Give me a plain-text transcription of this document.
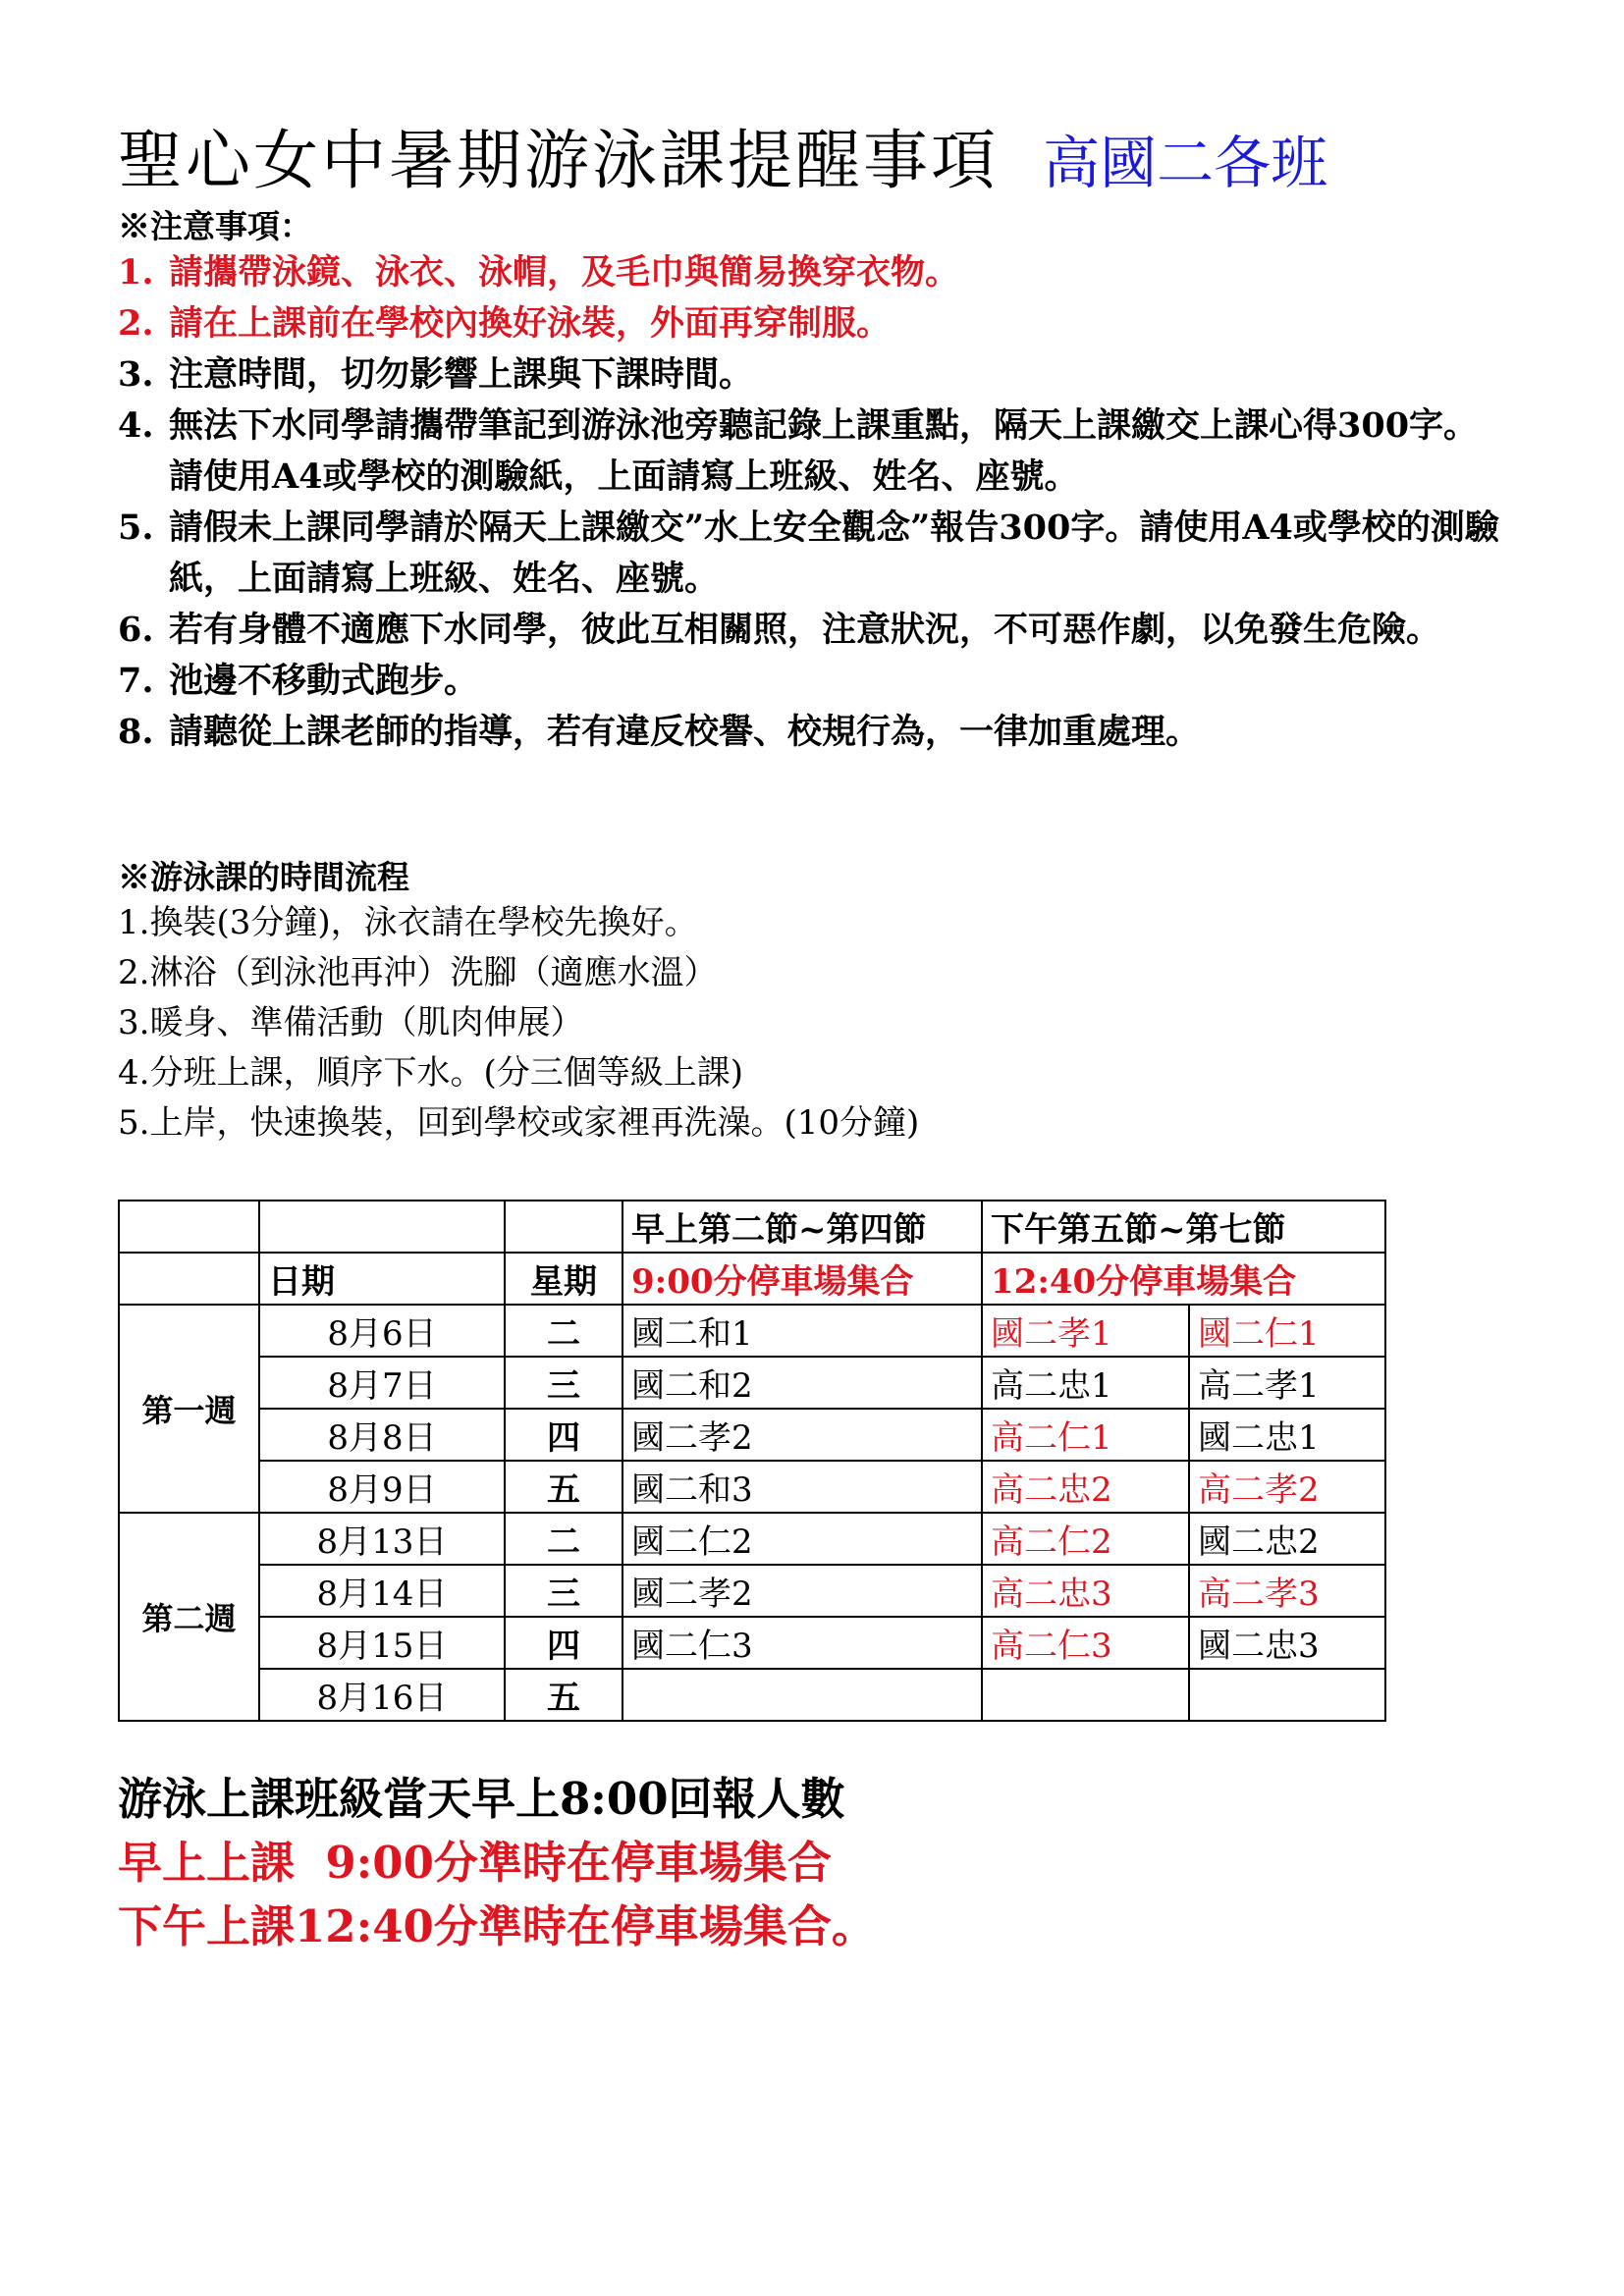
聖心女中暑期游泳課提醒事項 高國二各班
※注意事項：
1. 請攜帶泳鏡、泳衣、泳帽，及毛巾與簡易換穿衣物。
2. 請在上課前在學校內換好泳裝，外面再穿制服。
3. 注意時間，切勿影響上課與下課時間。
4. 無法下水同學請攜帶筆記到游泳池旁聽記錄上課重點，隔天上課繳交上課心得300字。請使用A4或學校的測驗紙，上面請寫上班級、姓名、座號。
5. 請假未上課同學請於隔天上課繳交”水上安全觀念”報告300字。請使用A4或學校的測驗紙，上面請寫上班級、姓名、座號。
6. 若有身體不適應下水同學，彼此互相關照，注意狀況，不可惡作劇，以免發生危險。
7. 池邊不移動式跑步。
8. 請聽從上課老師的指導，若有違反校譽、校規行為，一律加重處理。
※游泳課的時間流程
1.換裝(3分鐘)，泳衣請在學校先換好。
2.淋浴（到泳池再沖）洗腳（適應水溫）
3.暖身、準備活動（肌肉伸展）
4.分班上課，順序下水。(分三個等級上課)
5.上岸，快速換裝，回到學校或家裡再洗澡。(10分鐘)
			早上第二節~第四節	下午第五節~第七節	
	日期	星期	9:00分停車場集合	12:40分停車場集合	
第一週	8月6日	二	國二和1	國二孝1	國二仁1
	8月7日	三	國二和2	高二忠1	高二孝1
	8月8日	四	國二孝2	高二仁1	國二忠1
	8月9日	五	國二和3	高二忠2	高二孝2
第二週	8月13日	二	國二仁2	高二仁2	國二忠2
	8月14日	三	國二孝2	高二忠3	高二孝3
	8月15日	四	國二仁3	高二仁3	國二忠3
	8月16日	五			
游泳上課班級當天早上8:00回報人數
早上上課  9:00分準時在停車場集合
下午上課12:40分準時在停車場集合。
